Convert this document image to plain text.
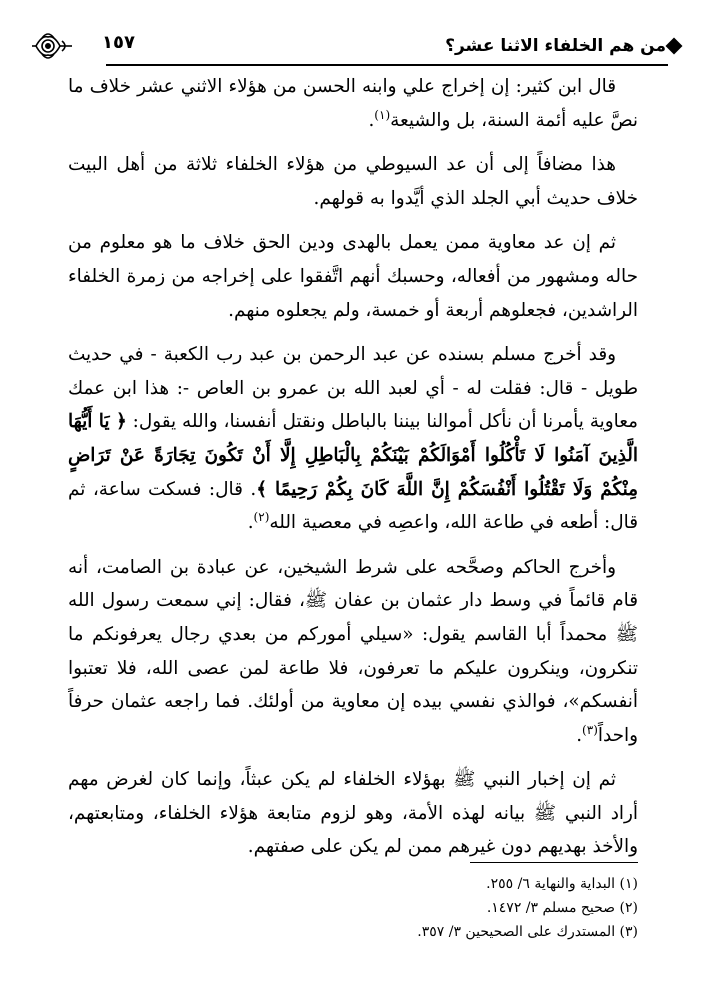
من هم الخلفاء الاثنا عشر؟
١٥٧

قال ابن كثير: إن إخراج علي وابنه الحسن من هؤلاء الاثني عشر خلاف ما نصَّ عليه أئمة السنة، بل والشيعة$^{(١)}$.

هذا مضافاً إلى أن عد السيوطي من هؤلاء الخلفاء ثلاثة من أهل البيت خلاف حديث أبي الجلد الذي أيَّدوا به قولهم.

ثم إن عد معاوية ممن يعمل بالهدى ودين الحق خلاف ما هو معلوم من حاله ومشهور من أفعاله، وحسبك أنهم اتَّفقوا على إخراجه من زمرة الخلفاء الراشدين، فجعلوهم أربعة أو خمسة، ولم يجعلوه منهم.

وقد أخرج مسلم بسنده عن عبد الرحمن بن عبد رب الكعبة - في حديث طويل - قال: فقلت له - أي لعبد الله بن عمرو بن العاص -: هذا ابن عمك معاوية يأمرنا أن نأكل أموالنا بيننا بالباطل ونقتل أنفسنا، والله يقول: ﴿ يَا أَيُّهَا الَّذِينَ آمَنُوا لَا تَأْكُلُوا أَمْوَالَكُمْ بَيْنَكُمْ بِالْبَاطِلِ إِلَّا أَنْ تَكُونَ تِجَارَةً عَنْ تَرَاضٍ مِنْكُمْ وَلَا تَقْتُلُوا أَنْفُسَكُمْ إِنَّ اللَّهَ كَانَ بِكُمْ رَحِيمًا ﴾. قال: فسكت ساعة، ثم قال: أطعه في طاعة الله، واعصِه في معصية الله$^{(٢)}$.

وأخرج الحاكم وصحَّحه على شرط الشيخين، عن عبادة بن الصامت، أنه قام قائماً في وسط دار عثمان بن عفان ﷺ، فقال: إني سمعت رسول الله ﷺ محمداً أبا القاسم يقول: «سيلي أموركم من بعدي رجال يعرفونكم ما تنكرون، وينكرون عليكم ما تعرفون، فلا طاعة لمن عصى الله، فلا تعتبوا أنفسكم»، فوالذي نفسي بيده إن معاوية من أولئك. فما راجعه عثمان حرفاً واحداً$^{(٣)}$.

ثم إن إخبار النبي ﷺ بهؤلاء الخلفاء لم يكن عبثاً، وإنما كان لغرض مهم أراد النبي ﷺ بيانه لهذه الأمة، وهو لزوم متابعة هؤلاء الخلفاء، ومتابعتهم، والأخذ بهديهم دون غيرهم ممن لم يكن على صفتهم.

(١) البداية والنهاية ٦/ ٢٥٥.
(٢) صحيح مسلم ٣/ ١٤٧٢.
(٣) المستدرك على الصحيحين ٣/ ٣٥٧.
